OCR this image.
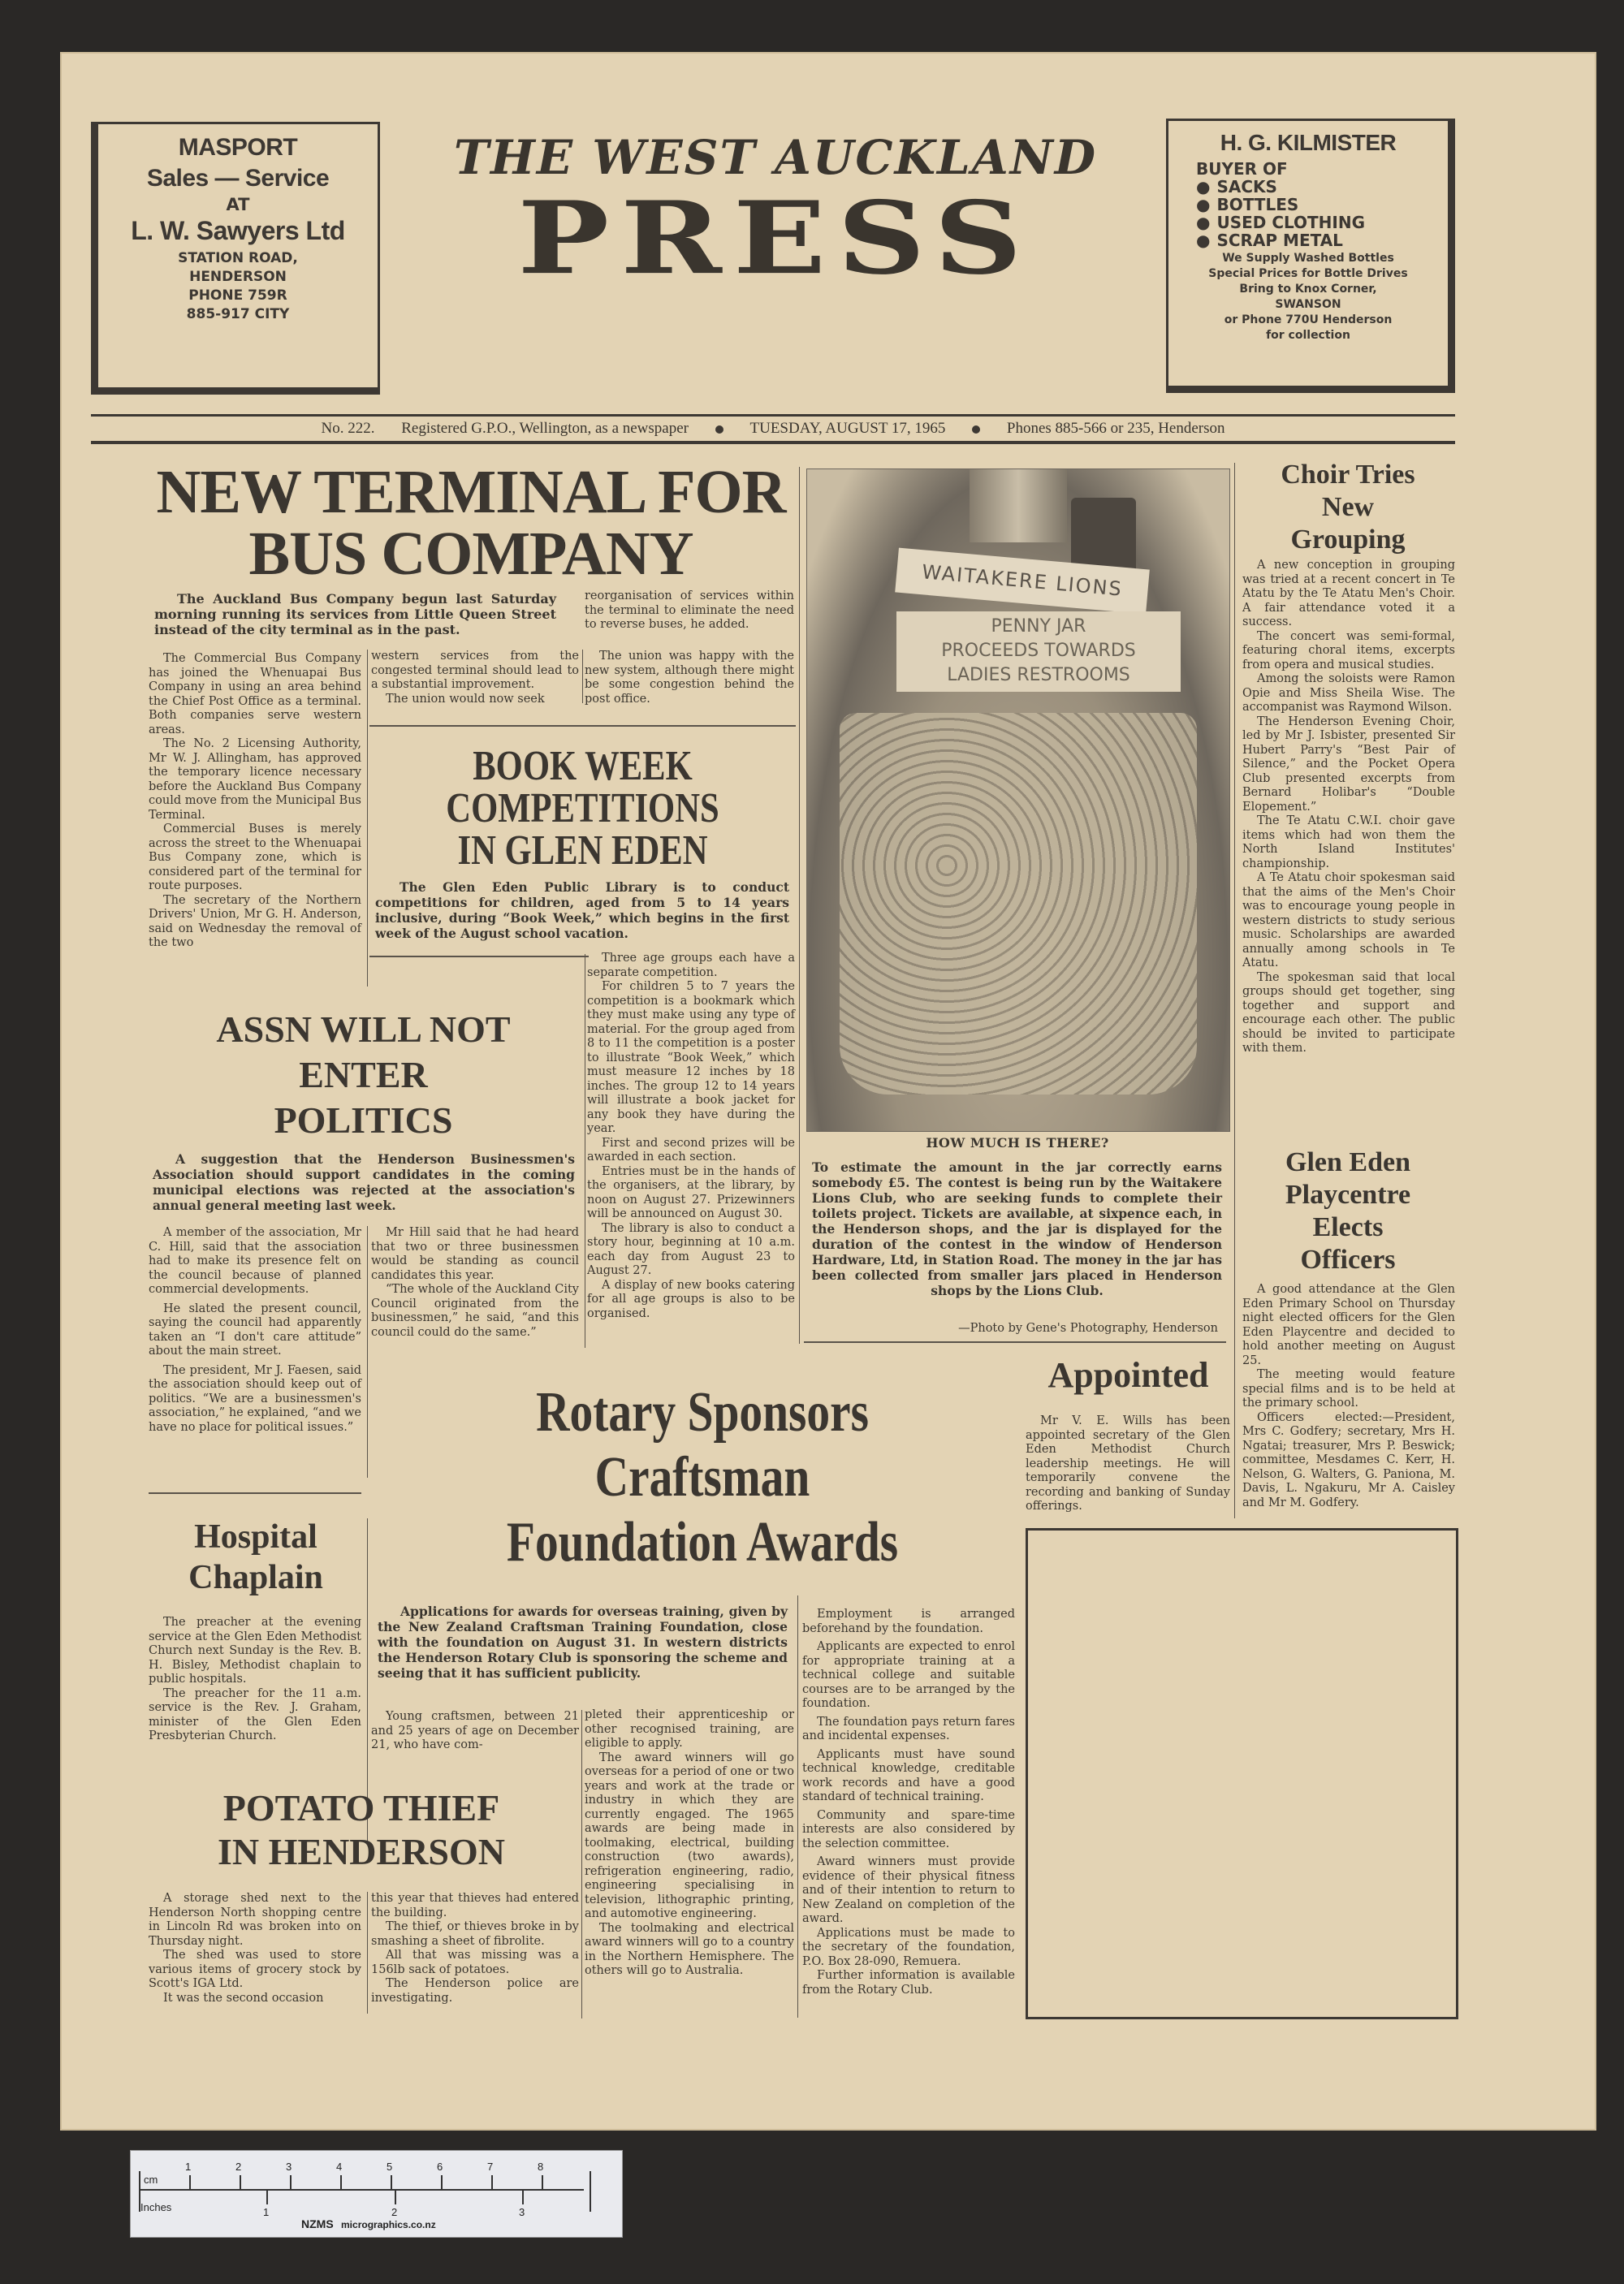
MASPORT
Sales — Service
AT
L. W. Sawyers Ltd
STATION ROAD,
HENDERSON
PHONE 759R
885-917 CITY
H. G. KILMISTER
BUYER OF
● SACKS
● BOTTLES
● USED CLOTHING
● SCRAP METAL
We Supply Washed Bottles
Special Prices for Bottle Drives
Bring to Knox Corner,
SWANSON
or Phone 770U Henderson
for collection
THE WEST AUCKLAND
PRESS
No. 222. Registered G.P.O., Wellington, as a newspaper	TUESDAY, AUGUST 17, 1965	Phones 885-566 or 235, Henderson
NEW TERMINAL FOR
BUS COMPANY
The Auckland Bus Company begun last Saturday morning running its services from Little Queen Street instead of the city terminal as in the past.

reorganisation of services within the terminal to eliminate the need to reverse buses, he added.

The Commercial Bus Company has joined the Whenuapai Bus Company in using an area behind the Chief Post Office as a terminal. Both companies serve western areas.

The No. 2 Licensing Authority, Mr W. J. Allingham, has approved the temporary licence necessary before the Auckland Bus Company could move from the Municipal Bus Terminal.

Commercial Buses is merely across the street to the Whenuapai Bus Company zone, which is considered part of the terminal for route purposes.

The secretary of the Northern Drivers' Union, Mr G. H. Anderson, said on Wednesday the removal of the two

western services from the congested terminal should lead to a substantial improvement.

The union would now seek

The union was happy with the new system, although there might be some congestion behind the post office.

BOOK WEEK
COMPETITIONS
IN GLEN EDEN
The Glen Eden Public Library is to conduct competitions for children, aged from 5 to 14 years inclusive, during “Book Week,” which begins in the first week of the August school vacation.

Three age groups each have a separate competition.

For children 5 to 7 years the competition is a bookmark which they must make using any type of material. For the group aged from 8 to 11 the competition is a poster to illustrate “Book Week,” which must measure 12 inches by 18 inches. The group 12 to 14 years will illustrate a book jacket for any book they have during the year.

First and second prizes will be awarded in each section.

Entries must be in the hands of the organisers, at the library, by noon on August 27. Prizewinners will be announced on August 30.

The library is also to conduct a story hour, beginning at 10 a.m. each day from August 23 to August 27.

A display of new books catering for all age groups is also to be organised.

ASSN WILL NOT
ENTER
POLITICS
A suggestion that the Henderson Businessmen's Association should support candidates in the coming municipal elections was rejected at the association's annual general meeting last week.

A member of the association, Mr C. Hill, said that the association had to make its presence felt on the council because of planned commercial developments.

He slated the present council, saying the council had apparently taken an “I don't care attitude” about the main street.

The president, Mr J. Faesen, said the association should keep out of politics. “We are a businessmen's association,” he explained, “and we have no place for political issues.”

Mr Hill said that he had heard that two or three businessmen would be standing as council candidates this year.

“The whole of the Auckland City Council originated from the businessmen,” he said, “and this council could do the same.”

WAITAKERE LIONS
PENNY JAR
PROCEEDS TOWARDS
LADIES RESTROOMS
HOW MUCH IS THERE?
To estimate the amount in the jar correctly earns somebody £5. The contest is being run by the Waitakere Lions Club, who are seeking funds to complete their toilets project. Tickets are available, at sixpence each, in the Henderson shops, and the jar is displayed for the duration of the contest in the window of Henderson Hardware, Ltd, in Station Road. The money in the jar has been collected from smaller jars placed in Henderson shops by the Lions Club.
—Photo by Gene's Photography, Henderson
Choir Tries
New
Grouping

A new conception in grouping was tried at a recent concert in Te Atatu by the Te Atatu Men's Choir. A fair attendance voted it a success.

The concert was semi-formal, featuring choral items, excerpts from opera and musical studies.

Among the soloists were Ramon Opie and Miss Sheila Wise. The accompanist was Raymond Wilson.

The Henderson Evening Choir, led by Mr J. Isbister, presented Sir Hubert Parry's “Best Pair of Silence,” and the Pocket Opera Club presented excerpts from Bernard Holibar's “Double Elopement.”

The Te Atatu C.W.I. choir gave items which had won them the North Island Institutes' championship.

A Te Atatu choir spokesman said that the aims of the Men's Choir was to encourage young people in western districts to study serious music. Scholarships are awarded annually among schools in Te Atatu.

The spokesman said that local groups should get together, sing together and support and encourage each other. The public should be invited to participate with them.

Glen Eden
Playcentre
Elects
Officers

A good attendance at the Glen Eden Primary School on Thursday night elected officers for the Glen Eden Playcentre and decided to hold another meeting on August 25.

The meeting would feature special films and is to be held at the primary school.

Officers elected:—President, Mrs C. Godfery; secretary, Mrs H. Ngatai; treasurer, Mrs P. Beswick; committee, Mesdames C. Kerr, H. Nelson, G. Walters, G. Paniona, M. Davis, L. Ngakuru, Mr A. Caisley and Mr M. Godfery.

Appointed

Mr V. E. Wills has been appointed secretary of the Glen Eden Methodist Church leadership meetings. He will temporarily convene the recording and banking of Sunday offerings.

Rotary Sponsors
Craftsman
Foundation Awards
Applications for awards for overseas training, given by the New Zealand Craftsman Training Foundation, close with the foundation on August 31. In western districts the Henderson Rotary Club is sponsoring the scheme and seeing that it has sufficient publicity.

Young craftsmen, between 21 and 25 years of age on December 21, who have com-

pleted their apprenticeship or other recognised training, are eligible to apply.

The award winners will go overseas for a period of one or two years and work at the trade or industry in which they are currently engaged. The 1965 awards are being made in toolmaking, electrical, building construction (two awards), refrigeration engineering, radio, engineering specialising in television, lithographic printing, and automotive engineering.

The toolmaking and electrical award winners will go to a country in the Northern Hemisphere. The others will go to Australia.

Employment is arranged beforehand by the foundation.

Applicants are expected to enrol for appropriate training at a technical college and suitable courses are to be arranged by the foundation.

The foundation pays return fares and incidental expenses.

Applicants must have sound technical knowledge, creditable work records and have a good standard of technical training.

Community and spare-time interests are also considered by the selection committee.

Award winners must provide evidence of their physical fitness and of their intention to return to New Zealand on completion of the award.

Applications must be made to the secretary of the foundation, P.O. Box 28-090, Remuera.

Further information is available from the Rotary Club.

Hospital
Chaplain

The preacher at the evening service at the Glen Eden Methodist Church next Sunday is the Rev. B. H. Bisley, Methodist chaplain to public hospitals.

The preacher for the 11 a.m. service is the Rev. J. Graham, minister of the Glen Eden Presbyterian Church.

POTATO THIEF
IN HENDERSON

A storage shed next to the Henderson North shopping centre in Lincoln Rd was broken into on Thursday night.

The shed was used to store various items of grocery stock by Scott's IGA Ltd.

It was the second occasion

this year that thieves had entered the building.

The thief, or thieves broke in by smashing a sheet of fibrolite.

All that was missing was a 156lb sack of potatoes.

The Henderson police are investigating.

cm
Inches
1	2	3	4	5	6	7	8
1	2	3
NZMS micrographics.co.nz
